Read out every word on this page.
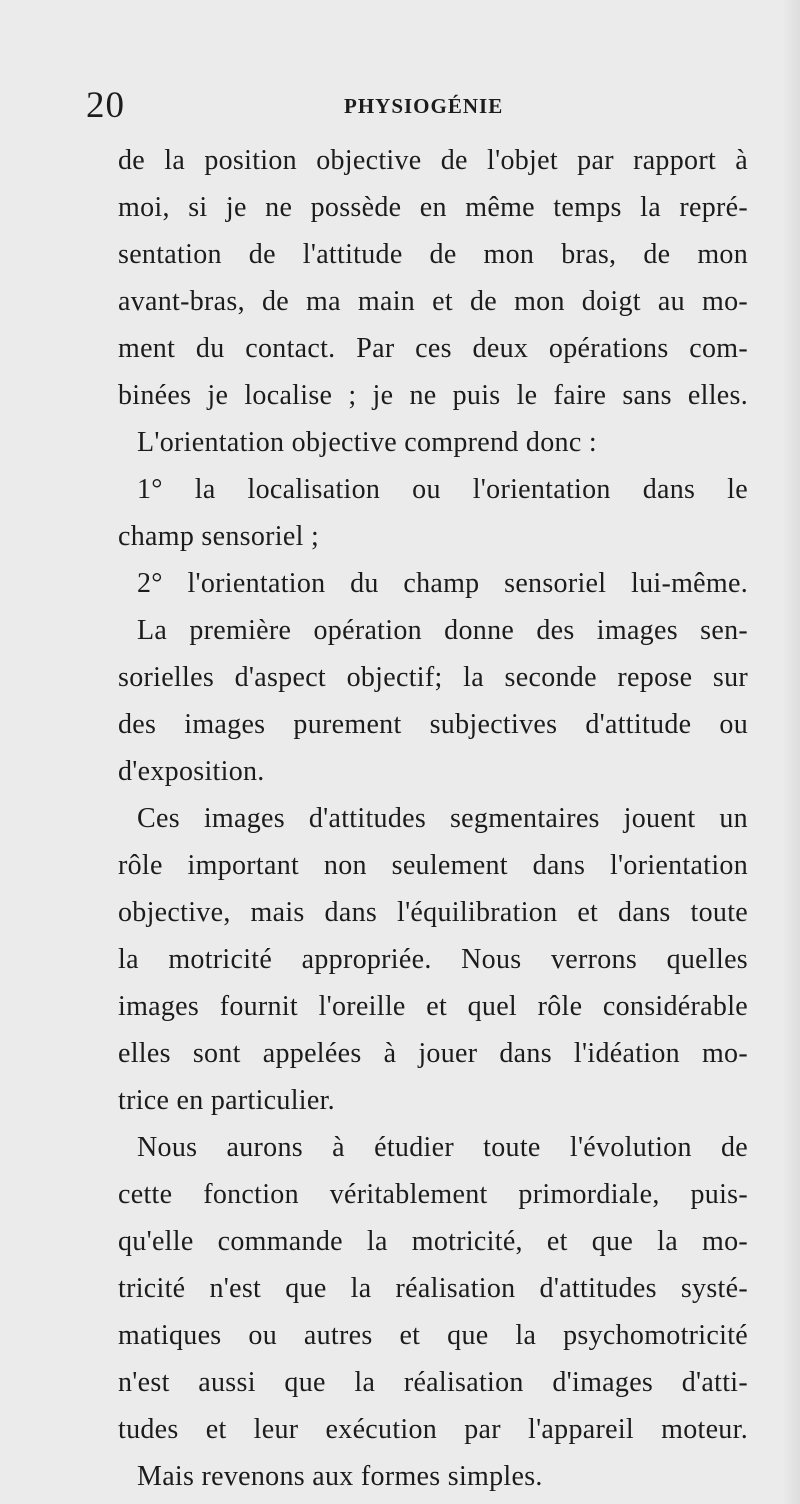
20	PHYSIOGÉNIE
de la position objective de l'objet par rapport à
moi, si je ne possède en même temps la repré-
sentation de l'attitude de mon bras, de mon
avant-bras, de ma main et de mon doigt au mo-
ment du contact. Par ces deux opérations com-
binées je localise ; je ne puis le faire sans elles.
L'orientation objective comprend donc :
1° la localisation ou l'orientation dans le
champ sensoriel ;
2° l'orientation du champ sensoriel lui-même.
La première opération donne des images sen-
sorielles d'aspect objectif; la seconde repose sur
des images purement subjectives d'attitude ou
d'exposition.
Ces images d'attitudes segmentaires jouent un
rôle important non seulement dans l'orientation
objective, mais dans l'équilibration et dans toute
la motricité appropriée. Nous verrons quelles
images fournit l'oreille et quel rôle considérable
elles sont appelées à jouer dans l'idéation mo-
trice en particulier.
Nous aurons à étudier toute l'évolution de
cette fonction véritablement primordiale, puis-
qu'elle commande la motricité, et que la mo-
tricité n'est que la réalisation d'attitudes systé-
matiques ou autres et que la psychomotricité
n'est aussi que la réalisation d'images d'atti-
tudes et leur exécution par l'appareil moteur.
Mais revenons aux formes simples.
